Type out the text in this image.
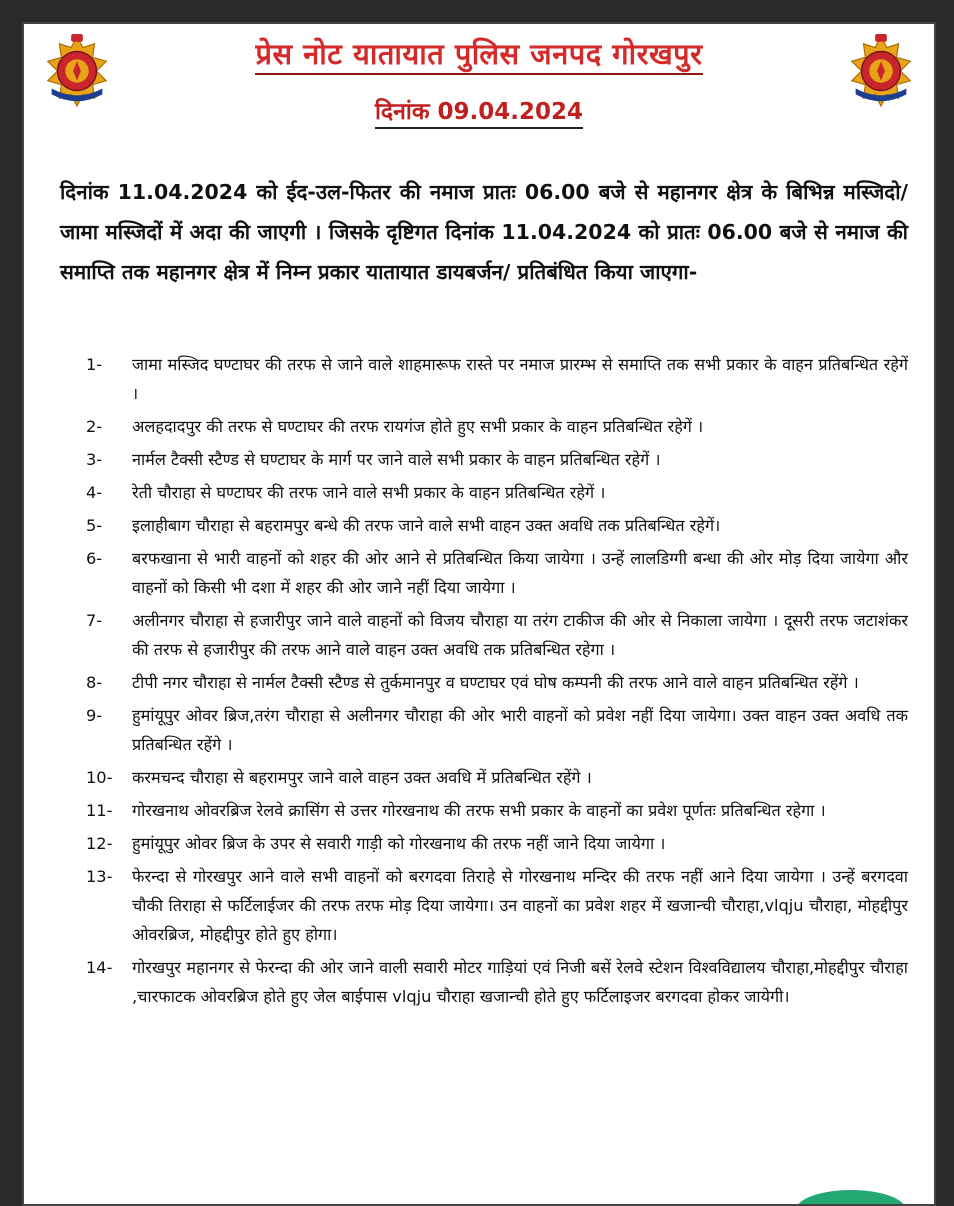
प्रेस नोट यातायात पुलिस जनपद गोरखपुर
दिनांक 09.04.2024
दिनांक 11.04.2024 को ईद-उल-फितर की नमाज प्रातः 06.00 बजे से महानगर क्षेत्र के बिभिन्न मस्जिदो/जामा मस्जिदों में अदा की जाएगी । जिसके दृष्टिगत दिनांक 11.04.2024 को प्रातः 06.00 बजे से नमाज की समाप्ति तक महानगर क्षेत्र में निम्न प्रकार यातायात डायबर्जन/ प्रतिबंधित किया जाएगा-
1-	जामा मस्जिद घण्टाघर की तरफ से जाने वाले शाहमारूफ रास्ते पर नमाज प्रारम्भ से समाप्ति तक सभी प्रकार के वाहन प्रतिबन्धित रहेगें ।
2-	अलहदादपुर की तरफ से घण्टाघर की तरफ रायगंज होते हुए सभी प्रकार के वाहन प्रतिबन्धित रहेगें ।
3-	नार्मल टैक्सी स्टैण्ड से घण्टाघर के मार्ग पर जाने वाले सभी प्रकार के वाहन प्रतिबन्धित रहेगें ।
4-	रेती चौराहा से घण्टाघर की तरफ जाने वाले सभी प्रकार के वाहन प्रतिबन्धित रहेगें ।
5-	इलाहीबाग चौराहा से बहरामपुर बन्धे की तरफ जाने वाले सभी वाहन उक्त अवधि तक प्रतिबन्धित रहेगें।
6-	बरफखाना से भारी वाहनों को शहर की ओर आने से प्रतिबन्धित किया जायेगा । उन्हें लालडिग्गी बन्धा की ओर मोड़ दिया जायेगा और वाहनों को किसी भी दशा में शहर की ओर जाने नहीं दिया जायेगा ।
7-	अलीनगर चौराहा से हजारीपुर जाने वाले वाहनों को विजय चौराहा या तरंग टाकीज की ओर से निकाला जायेगा । दूसरी तरफ जटाशंकर की तरफ से हजारीपुर की तरफ आने वाले वाहन उक्त अवधि तक प्रतिबन्धित रहेगा ।
8-	टीपी नगर चौराहा से नार्मल टैक्सी स्टैण्ड से तुर्कमानपुर व घण्टाघर एवं घोष कम्पनी की तरफ आने वाले वाहन प्रतिबन्धित रहेंगे ।
9-	हुमांयूपुर ओवर ब्रिज,तरंग चौराहा से अलीनगर चौराहा की ओर भारी वाहनों को प्रवेश नहीं दिया जायेगा। उक्त वाहन उक्त अवधि तक प्रतिबन्धित रहेंगे ।
10-	करमचन्द चौराहा से बहरामपुर जाने वाले वाहन उक्त अवधि में प्रतिबन्धित रहेंगे ।
11-	गोरखनाथ ओवरब्रिज रेलवे क्रासिंग से उत्तर गोरखनाथ की तरफ सभी प्रकार के वाहनों का प्रवेश पूर्णतः प्रतिबन्धित रहेगा ।
12-	हुमांयूपुर ओवर ब्रिज के उपर से सवारी गाड़ी को गोरखनाथ की तरफ नहीं जाने दिया जायेगा ।
13-	फेरन्दा से गोरखपुर आने वाले सभी वाहनों को बरगदवा तिराहे से गोरखनाथ मन्दिर की तरफ नहीं आने दिया जायेगा । उन्हें बरगदवा चौकी तिराहा से फर्टिलाईजर की तरफ तरफ मोड़ दिया जायेगा। उन वाहनों का प्रवेश शहर में खजान्ची चौराहा,vlqju चौराहा, मोहद्दीपुर ओवरब्रिज, मोहद्दीपुर होते हुए होगा।
14-	गोरखपुर महानगर से फेरन्दा की ओर जाने वाली सवारी मोटर गाड़ियां एवं निजी बसें रेलवे स्टेशन विश्वविद्यालय चौराहा,मोहद्दीपुर चौराहा ,चारफाटक ओवरब्रिज होते हुए जेल बाईपास vlqju चौराहा खजान्ची होते हुए फर्टिलाइजर बरगदवा होकर जायेगी।
